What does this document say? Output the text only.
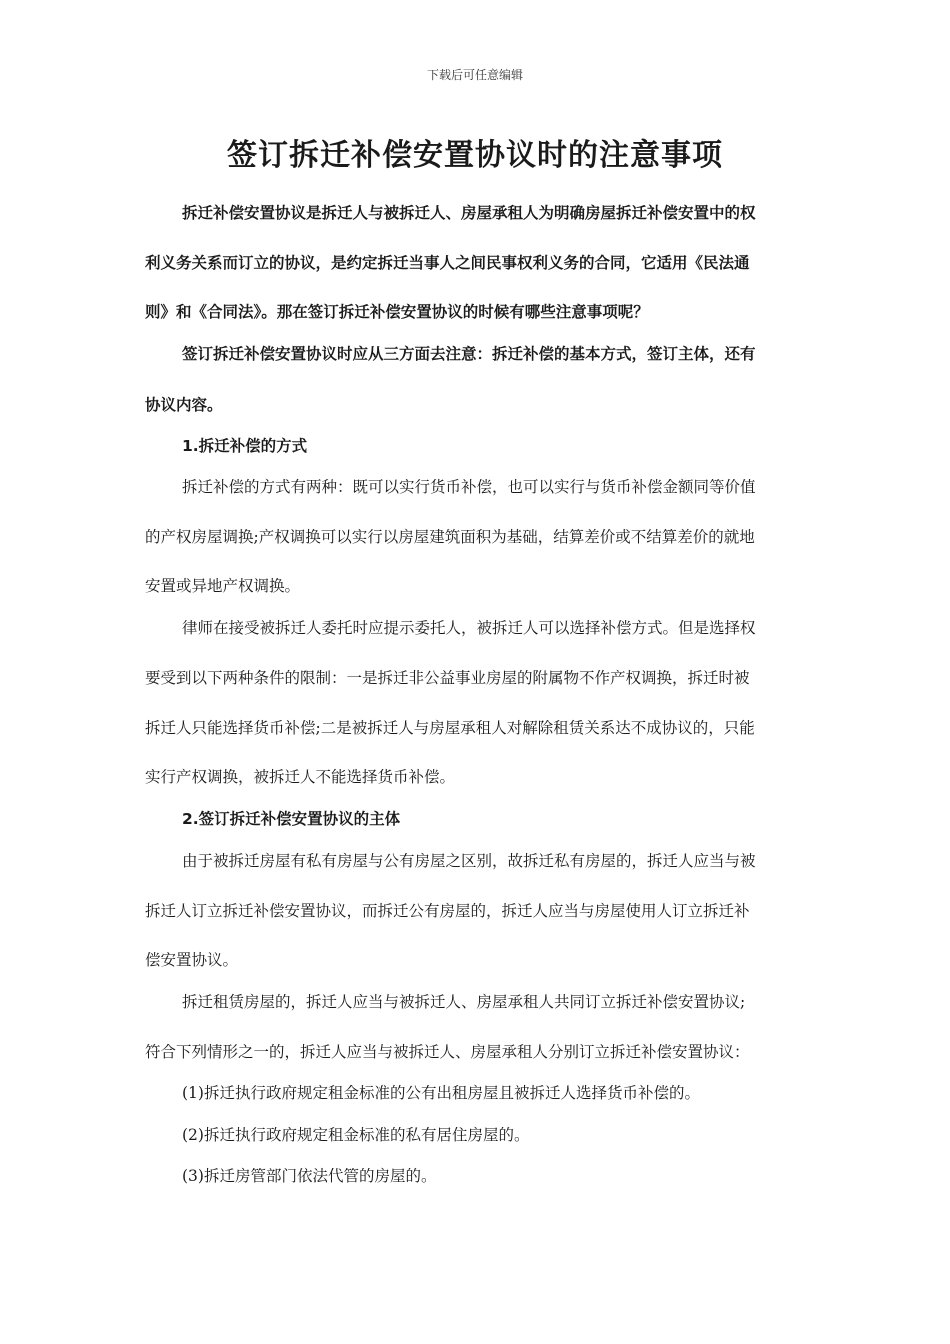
下载后可任意编辑
签订拆迁补偿安置协议时的注意事项
拆迁补偿安置协议是拆迁人与被拆迁人、房屋承租人为明确房屋拆迁补偿安置中的权
利义务关系而订立的协议，是约定拆迁当事人之间民事权利义务的合同，它适用《民法通
则》和《合同法》。那在签订拆迁补偿安置协议的时候有哪些注意事项呢？
签订拆迁补偿安置协议时应从三方面去注意：拆迁补偿的基本方式，签订主体，还有
协议内容。
1.拆迁补偿的方式
拆迁补偿的方式有两种：既可以实行货币补偿，也可以实行与货币补偿金额同等价值
的产权房屋调换;产权调换可以实行以房屋建筑面积为基础，结算差价或不结算差价的就地
安置或异地产权调换。
律师在接受被拆迁人委托时应提示委托人，被拆迁人可以选择补偿方式。但是选择权
要受到以下两种条件的限制：一是拆迁非公益事业房屋的附属物不作产权调换，拆迁时被
拆迁人只能选择货币补偿;二是被拆迁人与房屋承租人对解除租赁关系达不成协议的，只能
实行产权调换，被拆迁人不能选择货币补偿。
2.签订拆迁补偿安置协议的主体
由于被拆迁房屋有私有房屋与公有房屋之区别，故拆迁私有房屋的，拆迁人应当与被
拆迁人订立拆迁补偿安置协议，而拆迁公有房屋的，拆迁人应当与房屋使用人订立拆迁补
偿安置协议。
拆迁租赁房屋的，拆迁人应当与被拆迁人、房屋承租人共同订立拆迁补偿安置协议;
符合下列情形之一的，拆迁人应当与被拆迁人、房屋承租人分别订立拆迁补偿安置协议：
(1)拆迁执行政府规定租金标准的公有出租房屋且被拆迁人选择货币补偿的。
(2)拆迁执行政府规定租金标准的私有居住房屋的。
(3)拆迁房管部门依法代管的房屋的。
